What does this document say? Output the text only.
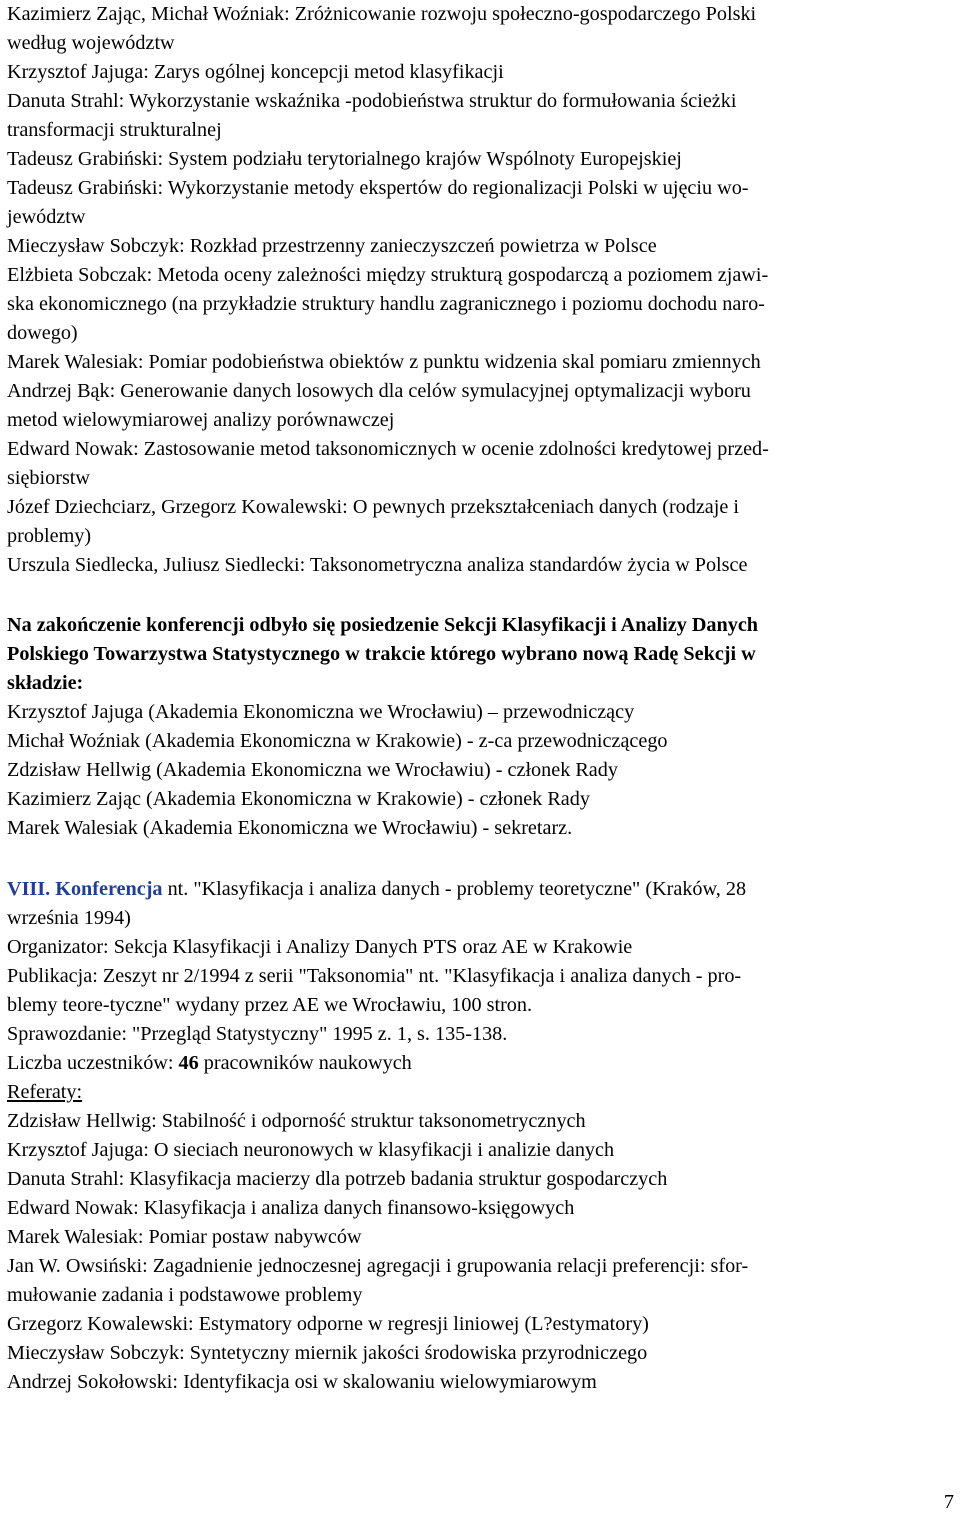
Kazimierz Zając, Michał Woźniak: Zróżnicowanie rozwoju społeczno-gospodarczego Polski
według województw
Krzysztof Jajuga: Zarys ogólnej koncepcji metod klasyfikacji
Danuta Strahl: Wykorzystanie wskaźnika -podobieństwa struktur do formułowania ścieżki
transformacji strukturalnej
Tadeusz Grabiński: System podziału terytorialnego krajów Wspólnoty Europejskiej
Tadeusz Grabiński: Wykorzystanie metody ekspertów do regionalizacji Polski w ujęciu wo-
jewództw
Mieczysław Sobczyk: Rozkład przestrzenny zanieczyszczeń powietrza w Polsce
Elżbieta Sobczak: Metoda oceny zależności między strukturą gospodarczą a poziomem zjawi-
ska ekonomicznego (na przykładzie struktury handlu zagranicznego i poziomu dochodu naro-
dowego)
Marek Walesiak: Pomiar podobieństwa obiektów z punktu widzenia skal pomiaru zmiennych
Andrzej Bąk: Generowanie danych losowych dla celów symulacyjnej optymalizacji wyboru
metod wielowymiarowej analizy porównawczej
Edward Nowak: Zastosowanie metod taksonomicznych w ocenie zdolności kredytowej przed-
siębiorstw
Józef Dziechciarz, Grzegorz Kowalewski: O pewnych przekształceniach danych (rodzaje i
problemy)
Urszula Siedlecka, Juliusz Siedlecki: Taksonometryczna analiza standardów życia w Polsce
Na zakończenie konferencji odbyło się posiedzenie Sekcji Klasyfikacji i Analizy Danych
Polskiego Towarzystwa Statystycznego w trakcie którego wybrano nową Radę Sekcji w
składzie:
Krzysztof Jajuga (Akademia Ekonomiczna we Wrocławiu) – przewodniczący
Michał Woźniak (Akademia Ekonomiczna w Krakowie) - z-ca przewodniczącego
Zdzisław Hellwig (Akademia Ekonomiczna we Wrocławiu) - członek Rady
Kazimierz Zając (Akademia Ekonomiczna w Krakowie) - członek Rady
Marek Walesiak (Akademia Ekonomiczna we Wrocławiu) - sekretarz.
VIII. Konferencja nt. "Klasyfikacja i analiza danych - problemy teoretyczne" (Kraków, 28
września 1994)
Organizator: Sekcja Klasyfikacji i Analizy Danych PTS oraz AE w Krakowie
Publikacja: Zeszyt nr 2/1994 z serii "Taksonomia" nt. "Klasyfikacja i analiza danych - pro-
blemy teore-tyczne" wydany przez AE we Wrocławiu, 100 stron.
Sprawozdanie: "Przegląd Statystyczny" 1995 z. 1, s. 135-138.
Liczba uczestników: 46 pracowników naukowych
Referaty:
Zdzisław Hellwig: Stabilność i odporność struktur taksonometrycznych
Krzysztof Jajuga: O sieciach neuronowych w klasyfikacji i analizie danych
Danuta Strahl: Klasyfikacja macierzy dla potrzeb badania struktur gospodarczych
Edward Nowak: Klasyfikacja i analiza danych finansowo-księgowych
Marek Walesiak: Pomiar postaw nabywców
Jan W. Owsiński: Zagadnienie jednoczesnej agregacji i grupowania relacji preferencji: sfor-
mułowanie zadania i podstawowe problemy
Grzegorz Kowalewski: Estymatory odporne w regresji liniowej (L?estymatory)
Mieczysław Sobczyk: Syntetyczny miernik jakości środowiska przyrodniczego
Andrzej Sokołowski: Identyfikacja osi w skalowaniu wielowymiarowym
7
